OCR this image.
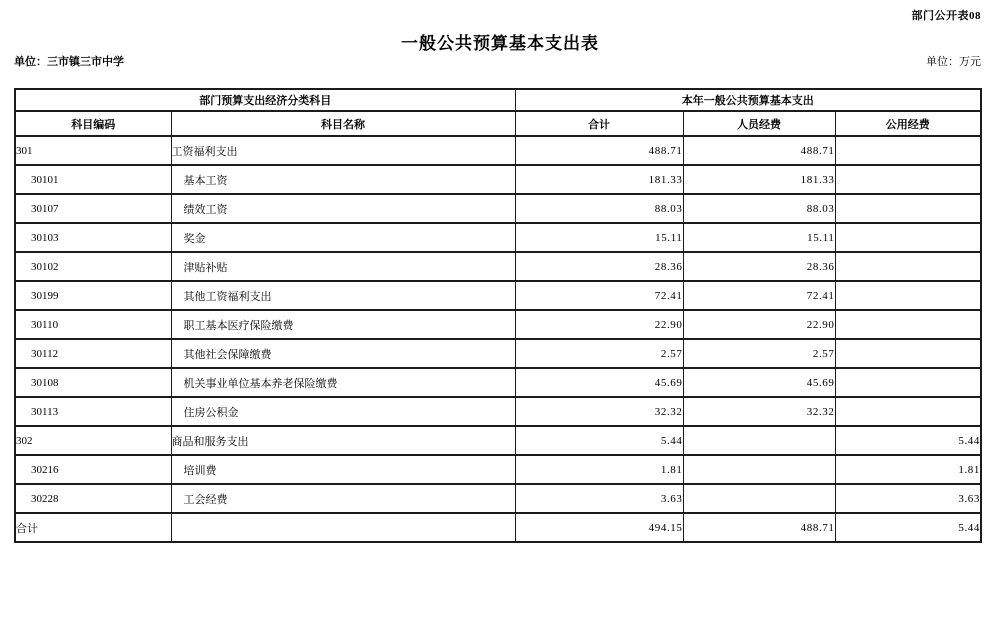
部门公开表08
一般公共预算基本支出表
单位：三市镇三市中学	单位：万元
部门预算支出经济分类科目		本年一般公共预算基本支出		
科目编码	科目名称	合计	人员经费	公用经费
301	工资福利支出	488.71	488.71	
30101	基本工资	181.33	181.33	
30107	绩效工资	88.03	88.03	
30103	奖金	15.11	15.11	
30102	津贴补贴	28.36	28.36	
30199	其他工资福利支出	72.41	72.41	
30110	职工基本医疗保险缴费	22.90	22.90	
30112	其他社会保障缴费	2.57	2.57	
30108	机关事业单位基本养老保险缴费	45.69	45.69	
30113	住房公积金	32.32	32.32	
302	商品和服务支出	5.44		5.44
30216	培训费	1.81		1.81
30228	工会经费	3.63		3.63
合计		494.15	488.71	5.44
